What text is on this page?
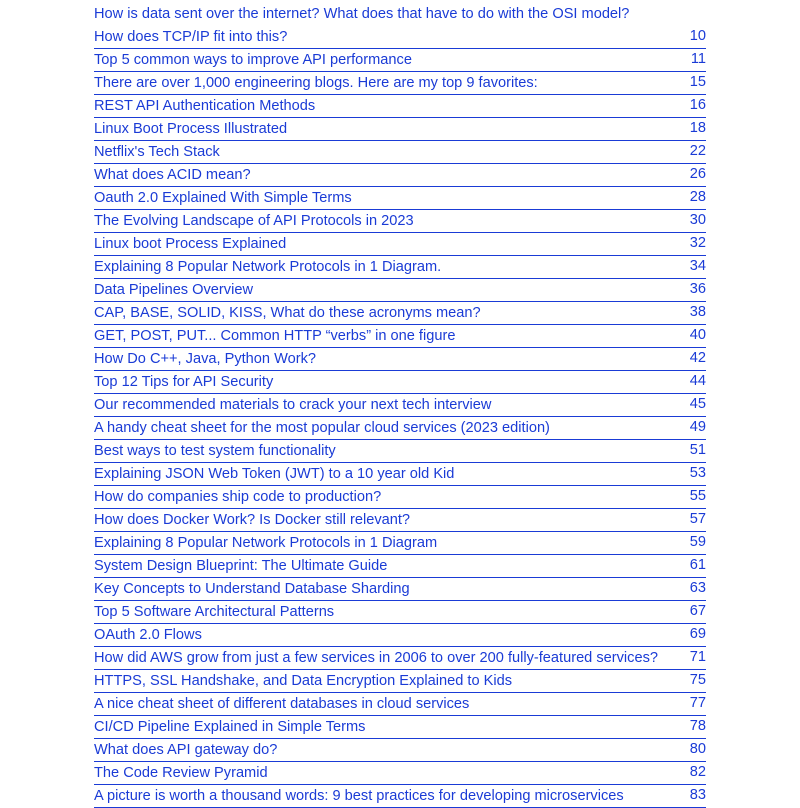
How is data sent over the internet? What does that have to do with the OSI model? How does TCP/IP fit into this?	10
Top 5 common ways to improve API performance	11
There are over 1,000 engineering blogs. Here are my top 9 favorites:	15
REST API Authentication Methods	16
Linux Boot Process Illustrated	18
Netflix's Tech Stack	22
What does ACID mean?	26
Oauth 2.0 Explained With Simple Terms	28
The Evolving Landscape of API Protocols in 2023	30
Linux boot Process Explained	32
Explaining 8 Popular Network Protocols in 1 Diagram.	34
Data Pipelines Overview	36
CAP, BASE, SOLID, KISS, What do these acronyms mean?	38
GET, POST, PUT... Common HTTP “verbs” in one figure	40
How Do C++, Java, Python Work?	42
Top 12 Tips for API Security	44
Our recommended materials to crack your next tech interview	45
A handy cheat sheet for the most popular cloud services (2023 edition)	49
Best ways to test system functionality	51
Explaining JSON Web Token (JWT) to a 10 year old Kid	53
How do companies ship code to production?	55
How does Docker Work? Is Docker still relevant?	57
Explaining 8 Popular Network Protocols in 1 Diagram	59
System Design Blueprint: The Ultimate Guide	61
Key Concepts to Understand Database Sharding	63
Top 5 Software Architectural Patterns	67
OAuth 2.0 Flows	69
How did AWS grow from just a few services in 2006 to over 200 fully-featured services?	71
HTTPS, SSL Handshake, and Data Encryption Explained to Kids	75
A nice cheat sheet of different databases in cloud services	77
CI/CD Pipeline Explained in Simple Terms	78
What does API gateway do?	80
The Code Review Pyramid	82
A picture is worth a thousand words: 9 best practices for developing microservices	83
